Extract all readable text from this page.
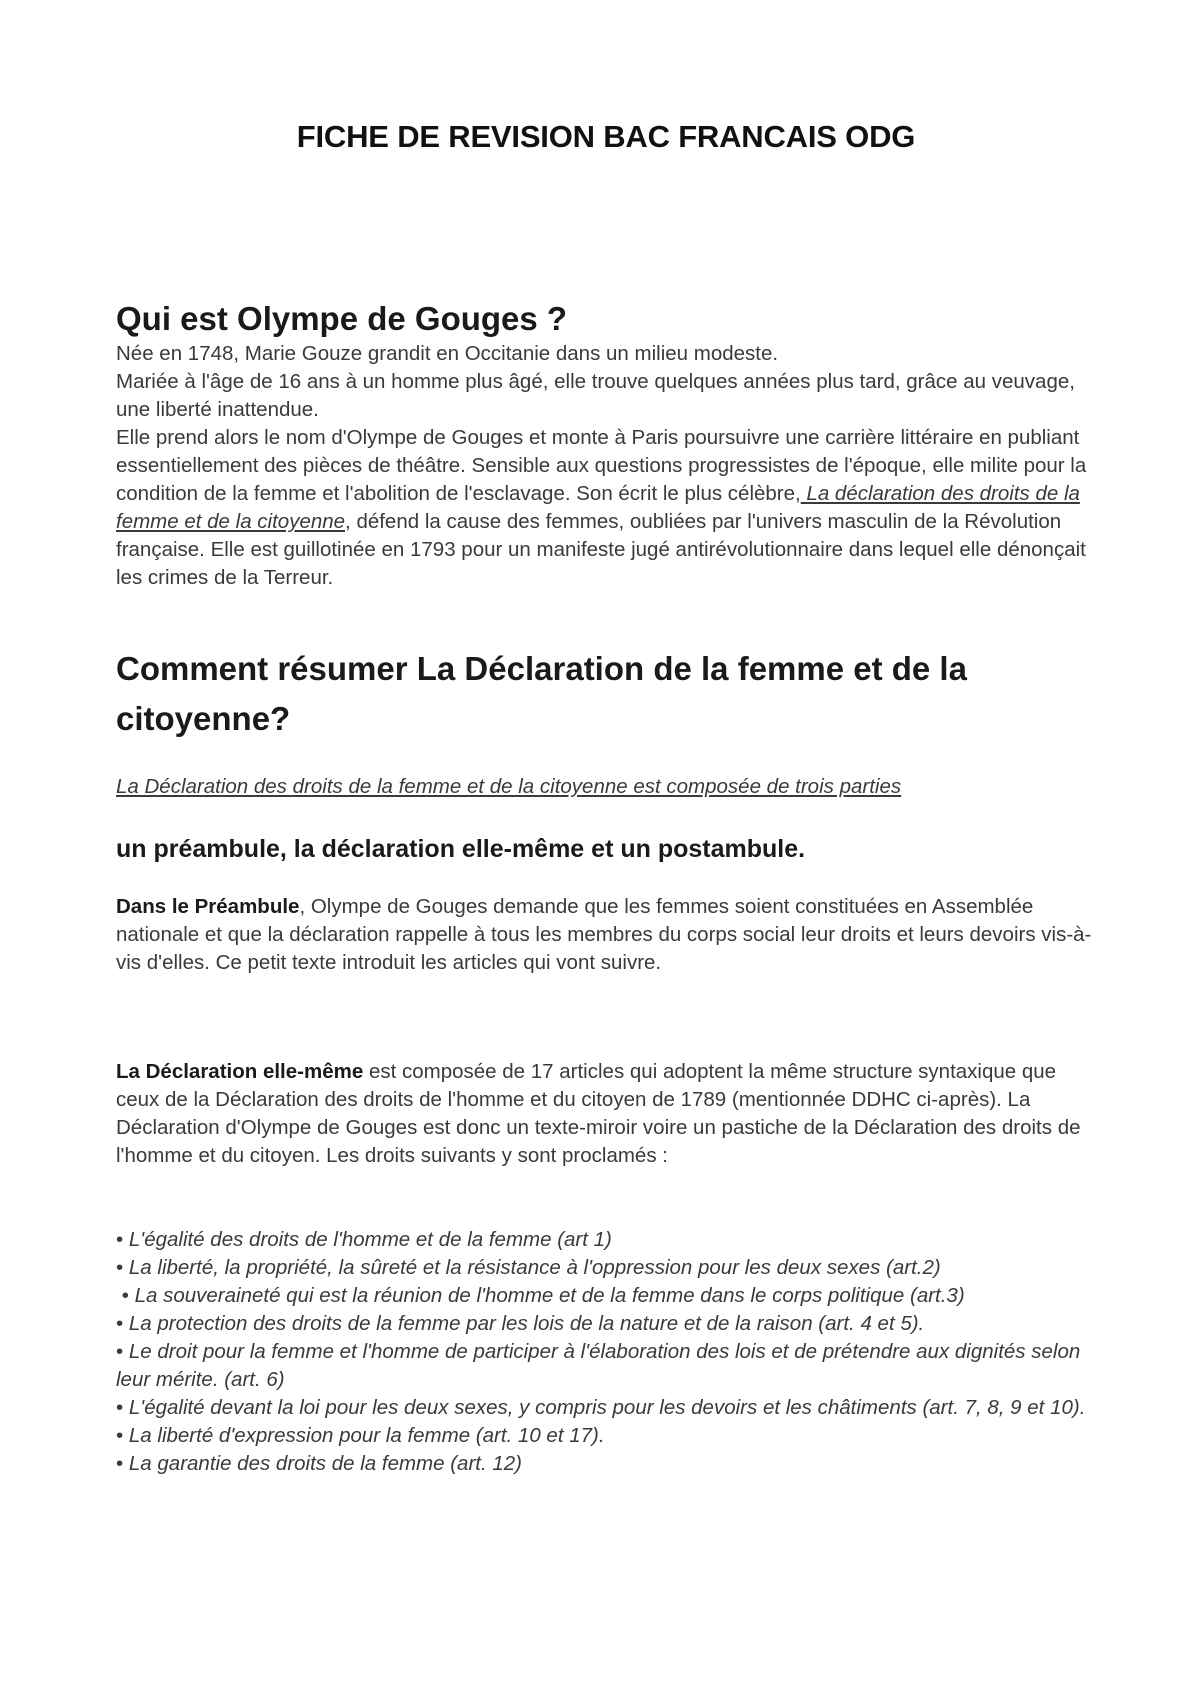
FICHE DE REVISION BAC FRANCAIS ODG
Qui est Olympe de Gouges ?

Née en 1748, Marie Gouze grandit en Occitanie dans un milieu modeste.

Mariée à l'âge de 16 ans à un homme plus âgé, elle trouve quelques années plus tard, grâce au veuvage, une liberté inattendue.

Elle prend alors le nom d'Olympe de Gouges et monte à Paris poursuivre une carrière littéraire en publiant essentiellement des pièces de théâtre. Sensible aux questions progressistes de l'époque, elle milite pour la condition de la femme et l'abolition de l'esclavage. Son écrit le plus célèbre, La déclaration des droits de la femme et de la citoyenne, défend la cause des femmes, oubliées par l'univers masculin de la Révolution française. Elle est guillotinée en 1793 pour un manifeste jugé antirévolutionnaire dans lequel elle dénonçait les crimes de la Terreur.

Comment résumer La Déclaration de la femme et de la citoyenne?
La Déclaration des droits de la femme et de la citoyenne est composée de trois parties
un préambule, la déclaration elle-même et un postambule.

Dans le Préambule, Olympe de Gouges demande que les femmes soient constituées en Assemblée nationale et que la déclaration rappelle à tous les membres du corps social leur droits et leurs devoirs vis-à-vis d'elles. Ce petit texte introduit les articles qui vont suivre.

La Déclaration elle-même est composée de 17 articles qui adoptent la même structure syntaxique que ceux de la Déclaration des droits de l'homme et du citoyen de 1789 (mentionnée DDHC ci-après). La Déclaration d'Olympe de Gouges est donc un texte-miroir voire un pastiche de la Déclaration des droits de l'homme et du citoyen. Les droits suivants y sont proclamés :

• L'égalité des droits de l'homme et de la femme (art 1)
• La liberté, la propriété, la sûreté et la résistance à l'oppression pour les deux sexes (art.2)
• La souveraineté qui est la réunion de l'homme et de la femme dans le corps politique (art.3)
• La protection des droits de la femme par les lois de la nature et de la raison (art. 4 et 5).
• Le droit pour la femme et l'homme de participer à l'élaboration des lois et de prétendre aux dignités selon leur mérite. (art. 6)
• L'égalité devant la loi pour les deux sexes, y compris pour les devoirs et les châtiments (art. 7, 8, 9 et 10).
• La liberté d'expression pour la femme (art. 10 et 17).
• La garantie des droits de la femme (art. 12)
